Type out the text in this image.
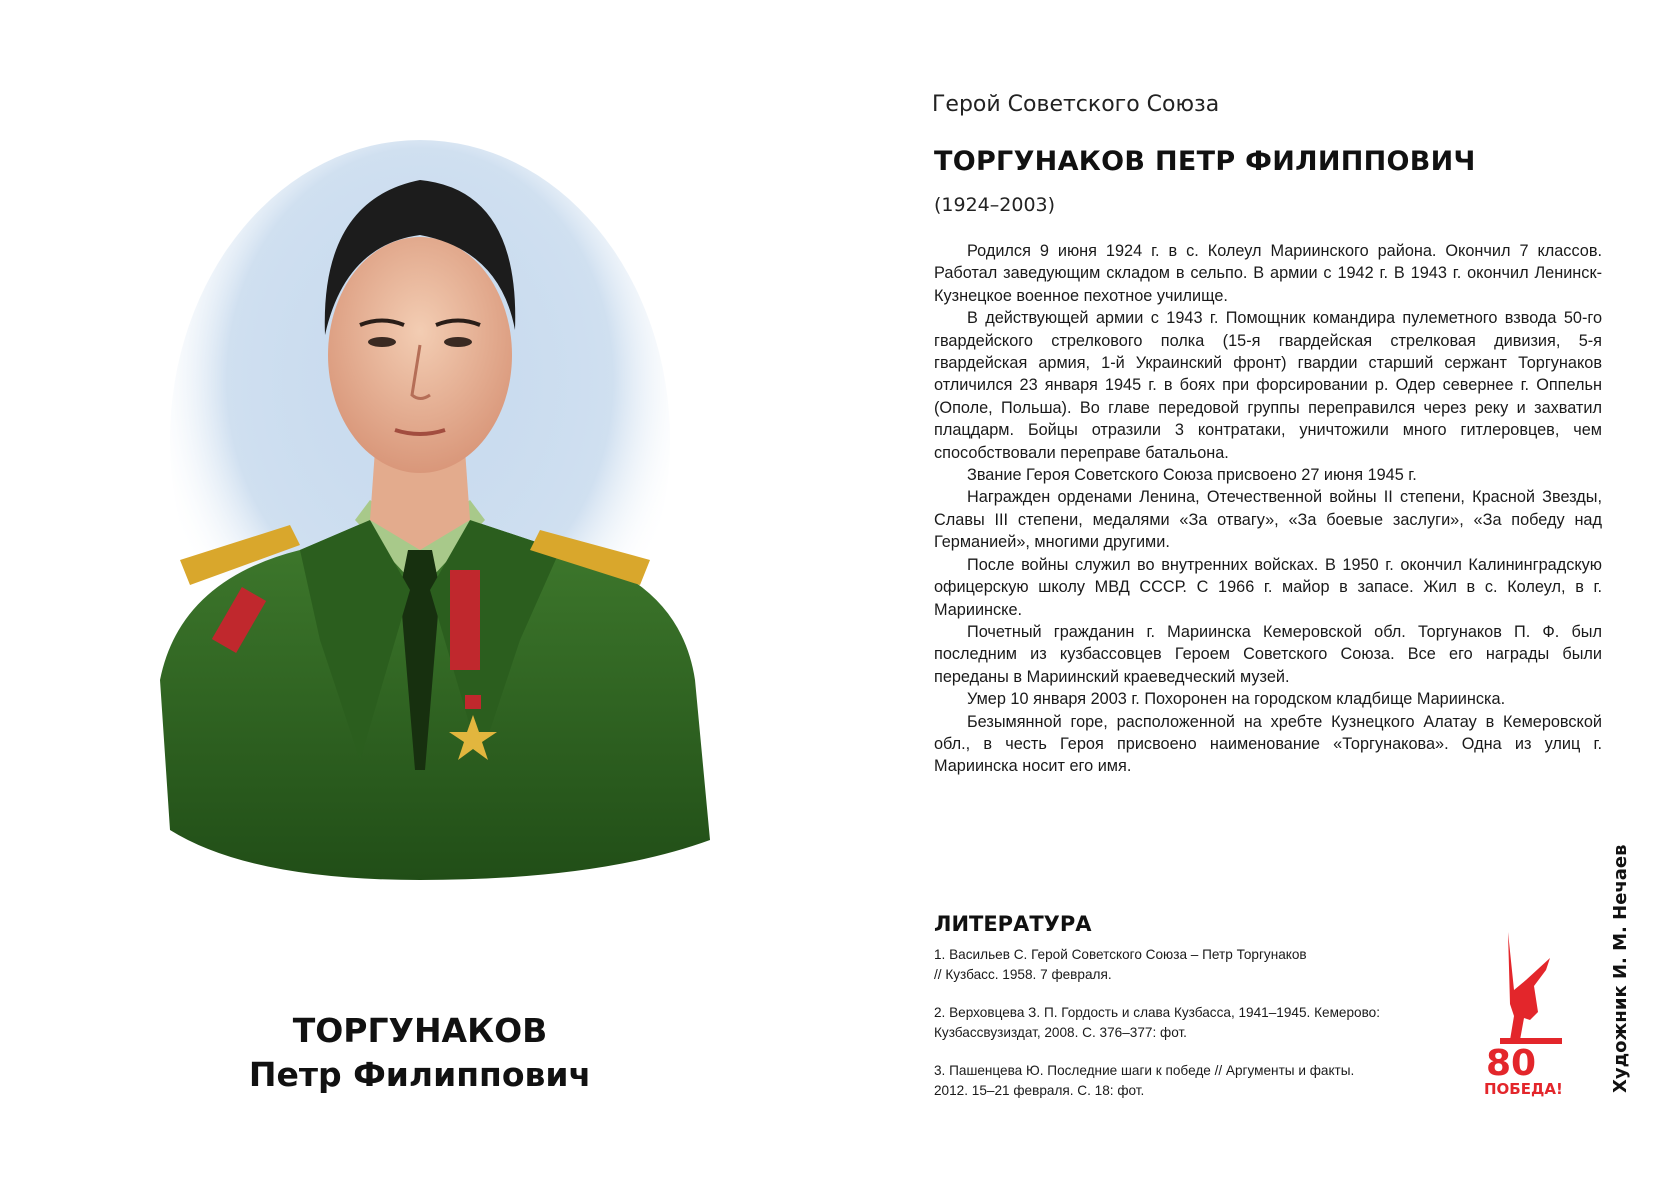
ТОРГУНАКОВ
Петр Филиппович
Герой Советского Союза
ТОРГУНАКОВ ПЕТР ФИЛИППОВИЧ
(1924–2003)

Родился 9 июня 1924 г. в с. Колеул Мариинского района. Окончил 7 классов. Работал заведующим складом в сельпо. В армии с 1942 г. В 1943 г. окончил Ленинск-Кузнецкое военное пехотное училище.

В действующей армии с 1943 г. Помощник командира пулеметного взвода 50-го гвардейского стрелкового полка (15-я гвардейская стрелковая дивизия, 5-я гвардейская армия, 1-й Украинский фронт) гвардии старший сержант Торгунаков отличился 23 января 1945 г. в боях при форсировании р. Одер севернее г. Оппельн (Ополе, Польша). Во главе передовой группы переправился через реку и захватил плацдарм. Бойцы отразили 3 контратаки, уничтожили много гитлеровцев, чем способствовали переправе батальона.

Звание Героя Советского Союза присвоено 27 июня 1945 г.

Награжден орденами Ленина, Отечественной войны II степени, Красной Звезды, Славы III степени, медалями «За отвагу», «За боевые заслуги», «За победу над Германией», многими другими.

После войны служил во внутренних войсках. В 1950 г. окончил Калининградскую офицерскую школу МВД СССР. С 1966 г. майор в запасе. Жил в с. Колеул, в г. Мариинске.

Почетный гражданин г. Мариинска Кемеровской обл. Торгунаков П. Ф. был последним из кузбассовцев Героем Советского Союза. Все его награды были переданы в Мариинский краеведческий музей.

Умер 10 января 2003 г. Похоронен на городском кладбище Мариинска.

Безымянной горе, расположенной на хребте Кузнецкого Алатау в Кемеровской обл., в честь Героя присвоено наименование «Торгунакова». Одна из улиц г. Мариинска носит его имя.

ЛИТЕРАТУРА
1. Васильев С. Герой Советского Союза – Петр Торгунаков
// Кузбасс. 1958. 7 февраля.
2. Верховцева З. П. Гордость и слава Кузбасса, 1941–1945. Кемерово:
Кузбассвузиздат, 2008. С. 376–377: фот.
3. Пашенцева Ю. Последние шаги к победе // Аргументы и факты.
2012. 15–21 февраля. С. 18: фот.
80
ПОБЕДА!	Художник И. М. Нечаев
